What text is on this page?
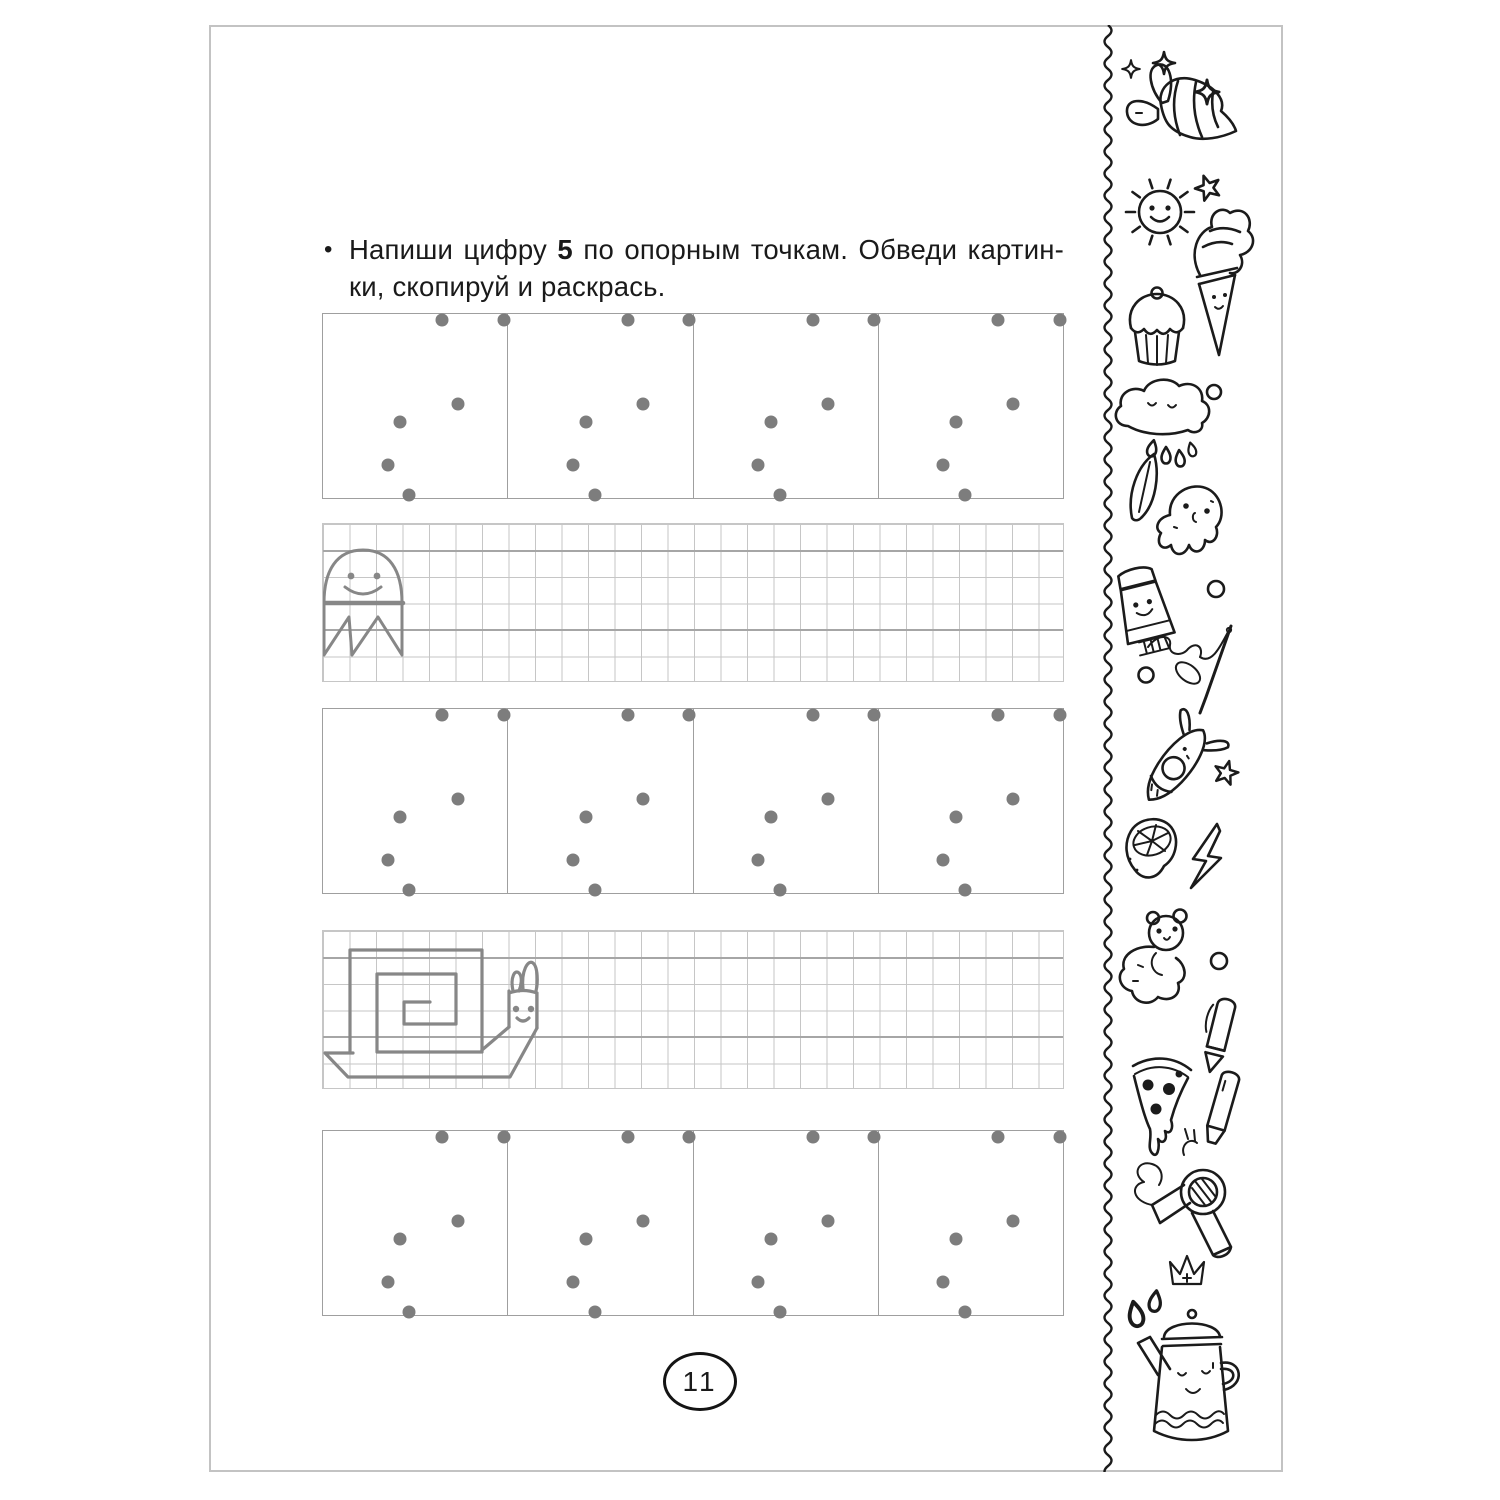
• Напиши цифру 5 по опорным точкам. Обведи картин-
ки, скопируй и раскрась.
11
